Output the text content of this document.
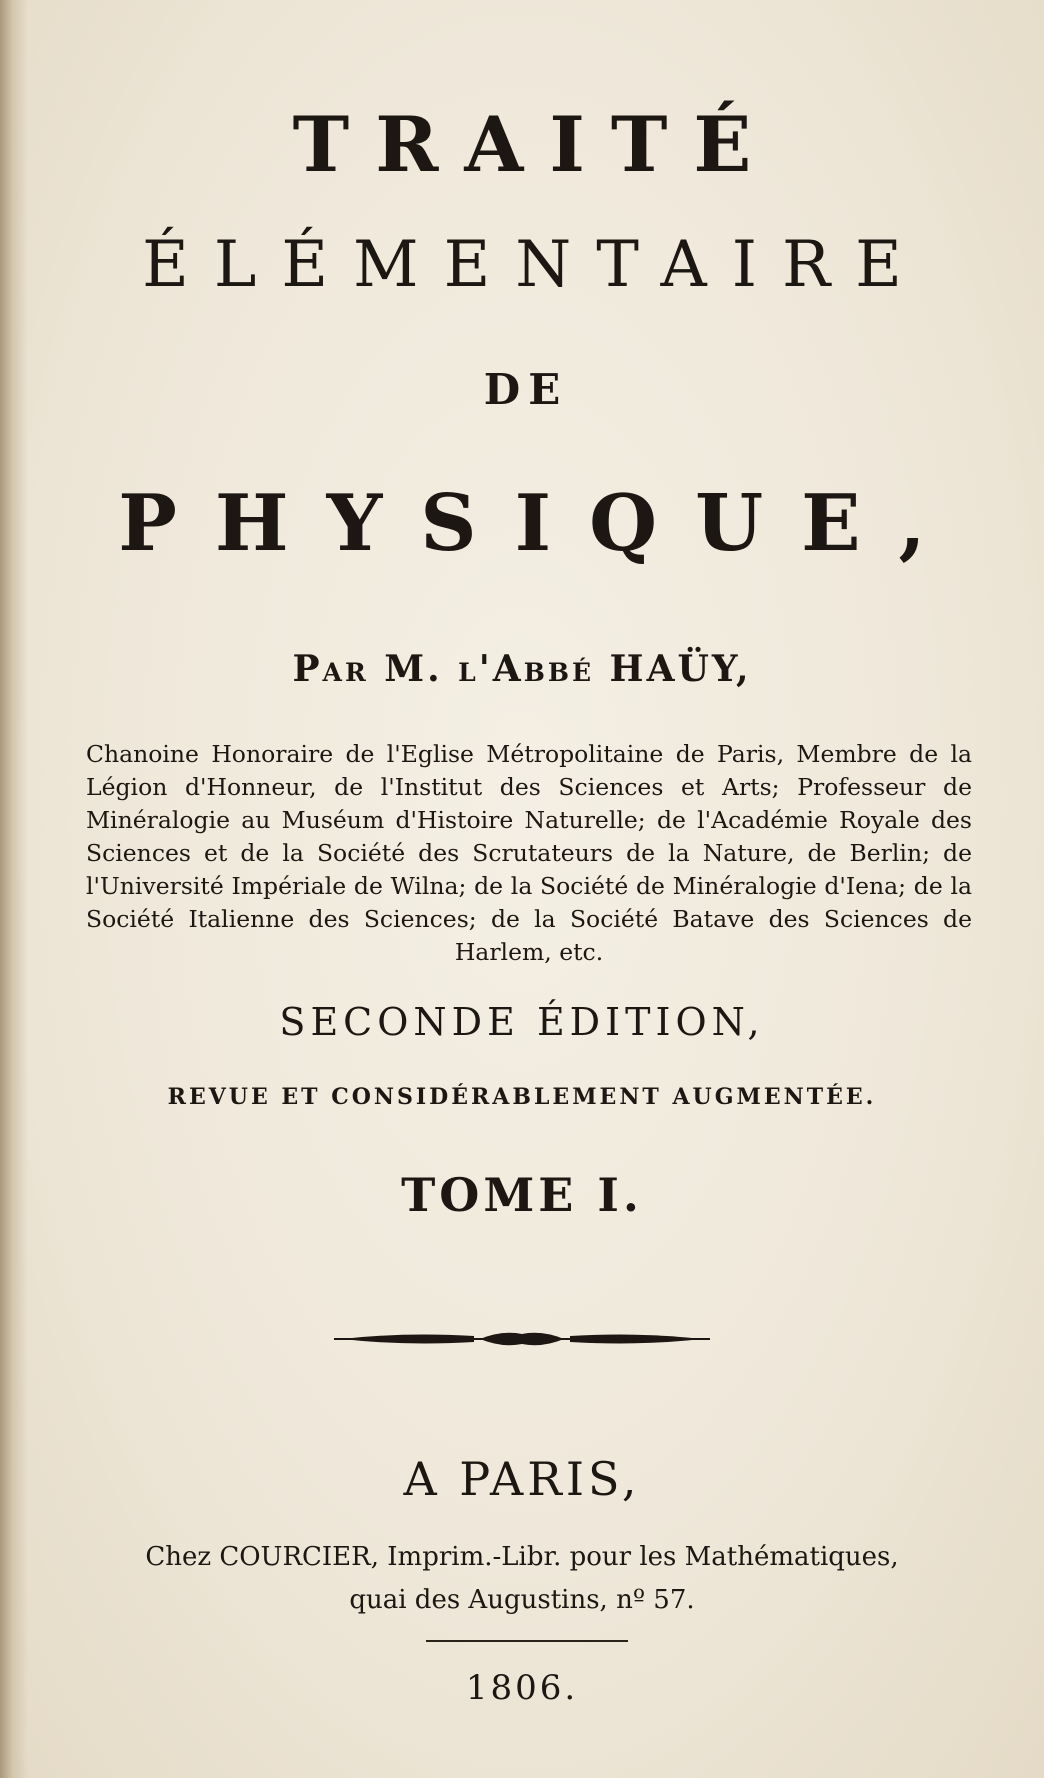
TRAITÉ
ÉLÉMENTAIRE
DE
PHYSIQUE,
Par M. l'Abbé HAÜY,
Chanoine Honoraire de l'Eglise Métropolitaine de Paris, Membre de la Légion d'Honneur, de l'Institut des Sciences et Arts; Professeur de Minéralogie au Muséum d'Histoire Naturelle; de l'Académie Royale des Sciences et de la Société des Scrutateurs de la Nature, de Berlin; de l'Université Impériale de Wilna; de la Société de Minéralogie d'Iena; de la Société Italienne des Sciences; de la Société Batave des Sciences de Harlem, etc.
SECONDE ÉDITION,
REVUE ET CONSIDÉRABLEMENT AUGMENTÉE.
TOME I.
A PARIS,
Chez COURCIER, Imprim.-Libr. pour les Mathématiques,
quai des Augustins, nº 57.
1806.
